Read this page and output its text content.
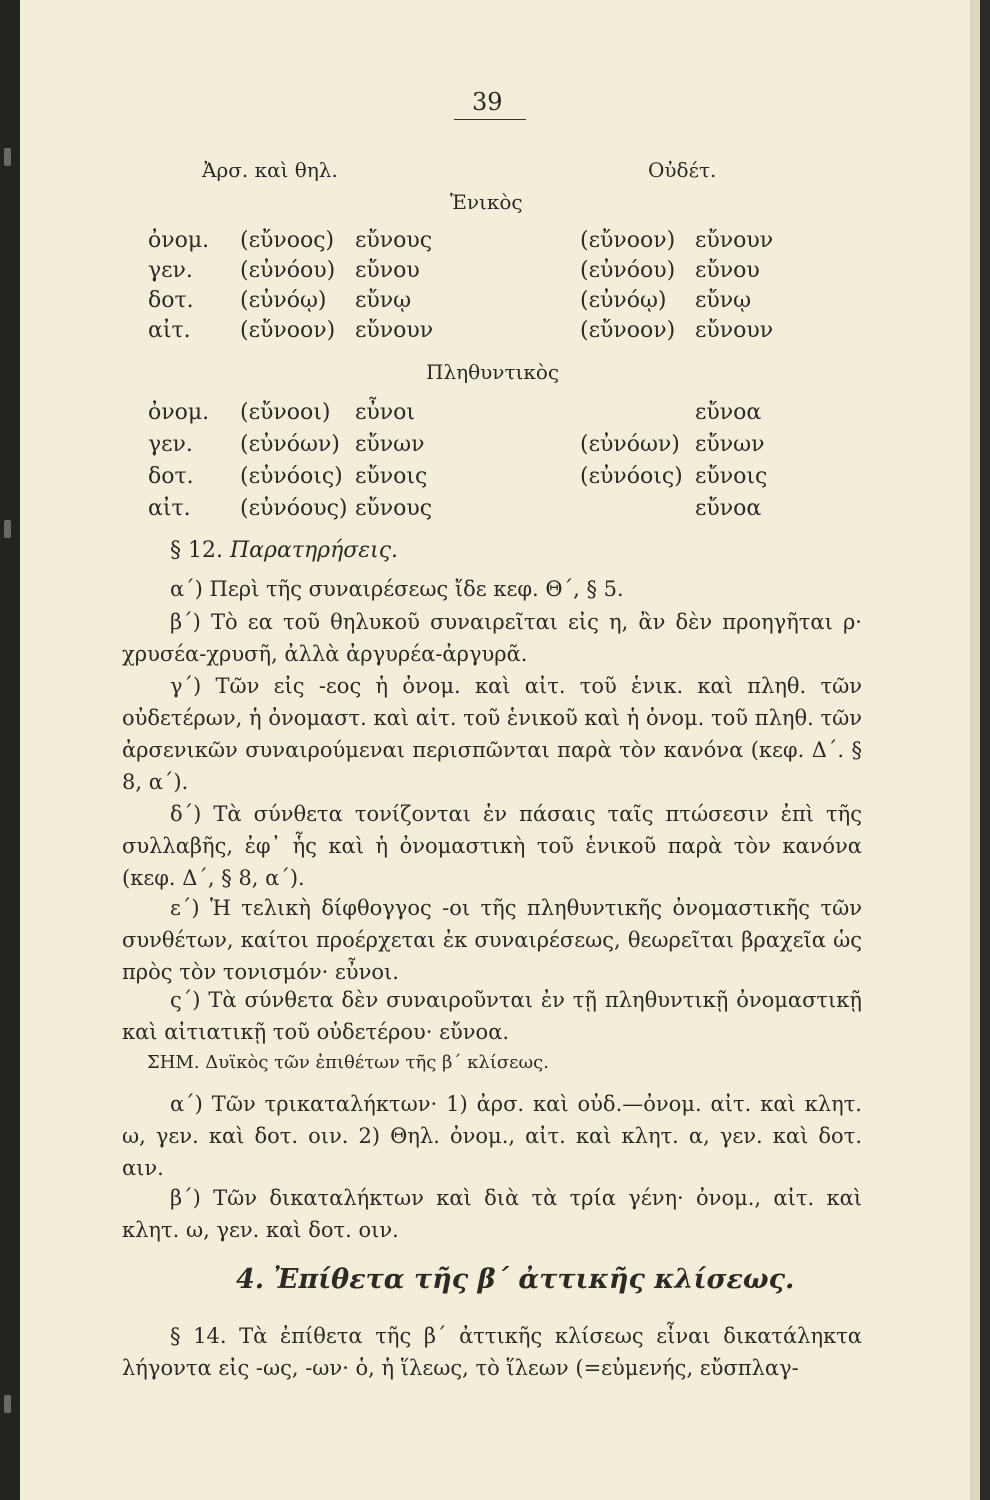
39
Ἀρσ. καὶ θηλ.	Οὐδέτ.
Ἑνικὸς
ὀνομ. (εὔνοος) εὔνους	(εὔνοον) εὔνουν
γεν. (εὐνόου) εὔνου	(εὐνόου) εὔνου
δοτ. (εὐνόῳ) εὔνῳ	(εὐνόῳ) εὔνῳ
αἰτ. (εὔνοον) εὔνουν	(εὔνοον) εὔνουν
Πληθυντικὸς
ὀνομ. (εὔνοοι) εὖνοι	εὔνοα
γεν. (εὐνόων) εὔνων	(εὐνόων) εὔνων
δοτ. (εὐνόοις) εὔνοις	(εὐνόοις) εὔνοις
αἰτ. (εὐνόους) εὔνους	εὔνοα
§ 12. Παρατηρήσεις.
α΄) Περὶ τῆς συναιρέσεως ἴδε κεφ. Θ΄, § 5.
β΄) Τὸ εα τοῦ θηλυκοῦ συναιρεῖται εἰς η, ἂν δὲν προηγῆται ρ· χρυσέα-χρυσῆ, ἀλλὰ ἀργυρέα-ἀργυρᾶ.
γ΄) Τῶν εἰς -εος ἡ ὀνομ. καὶ αἰτ. τοῦ ἑνικ. καὶ πληθ. τῶν οὐδετέρων, ἡ ὀνομαστ. καὶ αἰτ. τοῦ ἑνικοῦ καὶ ἡ ὀνομ. τοῦ πληθ. τῶν ἀρσενικῶν συναιρούμεναι περισπῶνται παρὰ τὸν κανόνα (κεφ. Δ΄. § 8, α΄).
δ΄) Τὰ σύνθετα τονίζονται ἐν πάσαις ταῖς πτώσεσιν ἐπὶ τῆς συλλαβῆς, ἐφ᾽ ἧς καὶ ἡ ὀνομαστικὴ τοῦ ἑνικοῦ παρὰ τὸν κανόνα (κεφ. Δ΄, § 8, α΄).
ε΄) Ἡ τελικὴ δίφθογγος -οι τῆς πληθυντικῆς ὀνομαστικῆς τῶν συνθέτων, καίτοι προέρχεται ἐκ συναιρέσεως, θεωρεῖται βραχεῖα ὡς πρὸς τὸν τονισμόν· εὖνοι.
ς΄) Τὰ σύνθετα δὲν συναιροῦνται ἐν τῇ πληθυντικῇ ὀνομαστικῇ καὶ αἰτιατικῇ τοῦ οὐδετέρου· εὔνοα.
ΣΗΜ. Δυϊκὸς τῶν ἐπιθέτων τῆς β΄ κλίσεως.
α΄) Τῶν τρικαταλήκτων· 1) ἀρσ. καὶ οὐδ.—ὀνομ. αἰτ. καὶ κλητ. ω, γεν. καὶ δοτ. οιν. 2) Θηλ. ὀνομ., αἰτ. καὶ κλητ. α, γεν. καὶ δοτ. αιν.
β΄) Τῶν δικαταλήκτων καὶ διὰ τὰ τρία γένη· ὀνομ., αἰτ. καὶ κλητ. ω, γεν. καὶ δοτ. οιν.
4. Ἐπίθετα τῆς β΄ ἀττικῆς κλίσεως.
§ 14. Τὰ ἐπίθετα τῆς β΄ ἀττικῆς κλίσεως εἶναι δικατάληκτα λήγοντα εἰς -ως, -ων· ὁ, ἡ ἵλεως, τὸ ἵλεων (=εὐμενής, εὔσπλαγ-
